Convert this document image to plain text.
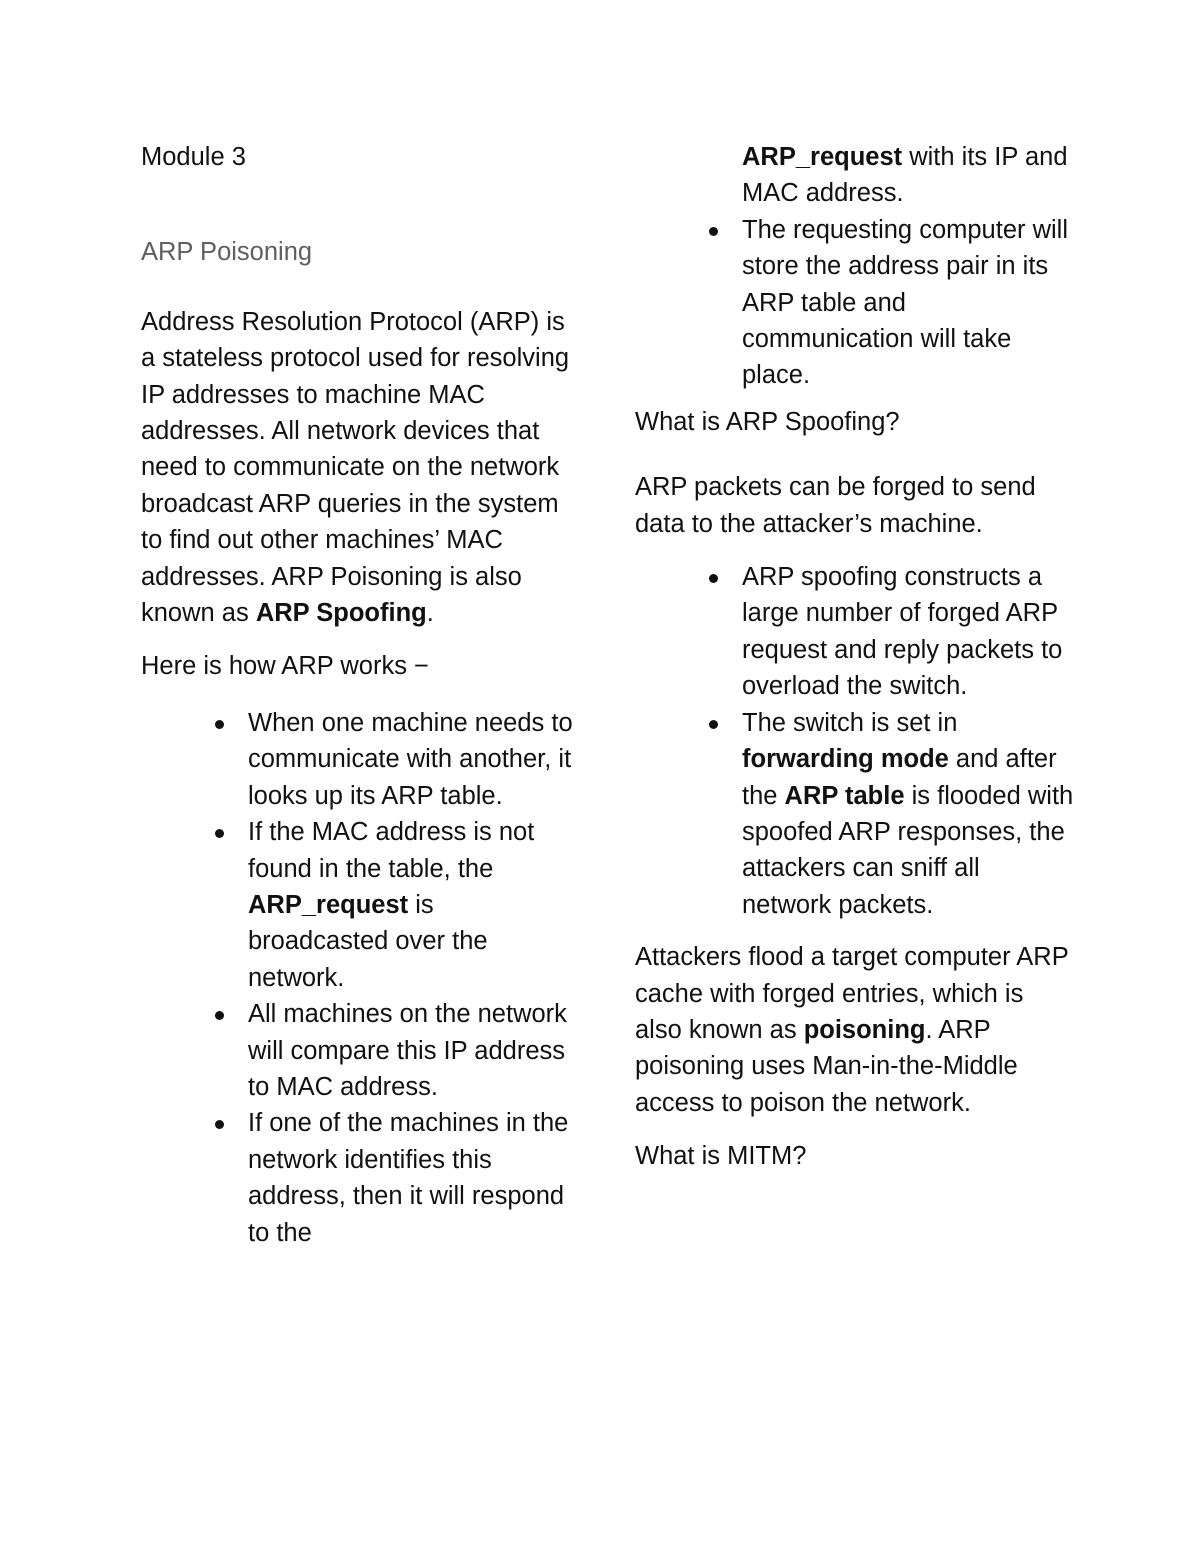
Module 3

ARP Poisoning

Address Resolution Protocol (ARP) is a stateless protocol used for resolving IP addresses to machine MAC addresses. All network devices that need to communicate on the network broadcast ARP queries in the system to find out other machines’ MAC addresses. ARP Poisoning is also known as ARP Spoofing.

Here is how ARP works −

When one machine needs to communicate with another, it looks up its ARP table.
If the MAC address is not found in the table, the ARP_request is broadcasted over the network.
All machines on the network will compare this IP address to MAC address.
If one of the machines in the network identifies this address, then it will respond to the
ARP_request with its IP and MAC address.
The requesting computer will store the address pair in its ARP table and communication will take place.

What is ARP Spoofing?

ARP packets can be forged to send data to the attacker’s machine.

ARP spoofing constructs a large number of forged ARP request and reply packets to overload the switch.
The switch is set in forwarding mode and after the ARP table is flooded with spoofed ARP responses, the attackers can sniff all network packets.

Attackers flood a target computer ARP cache with forged entries, which is also known as poisoning. ARP poisoning uses Man-in-the-Middle access to poison the network.

What is MITM?
